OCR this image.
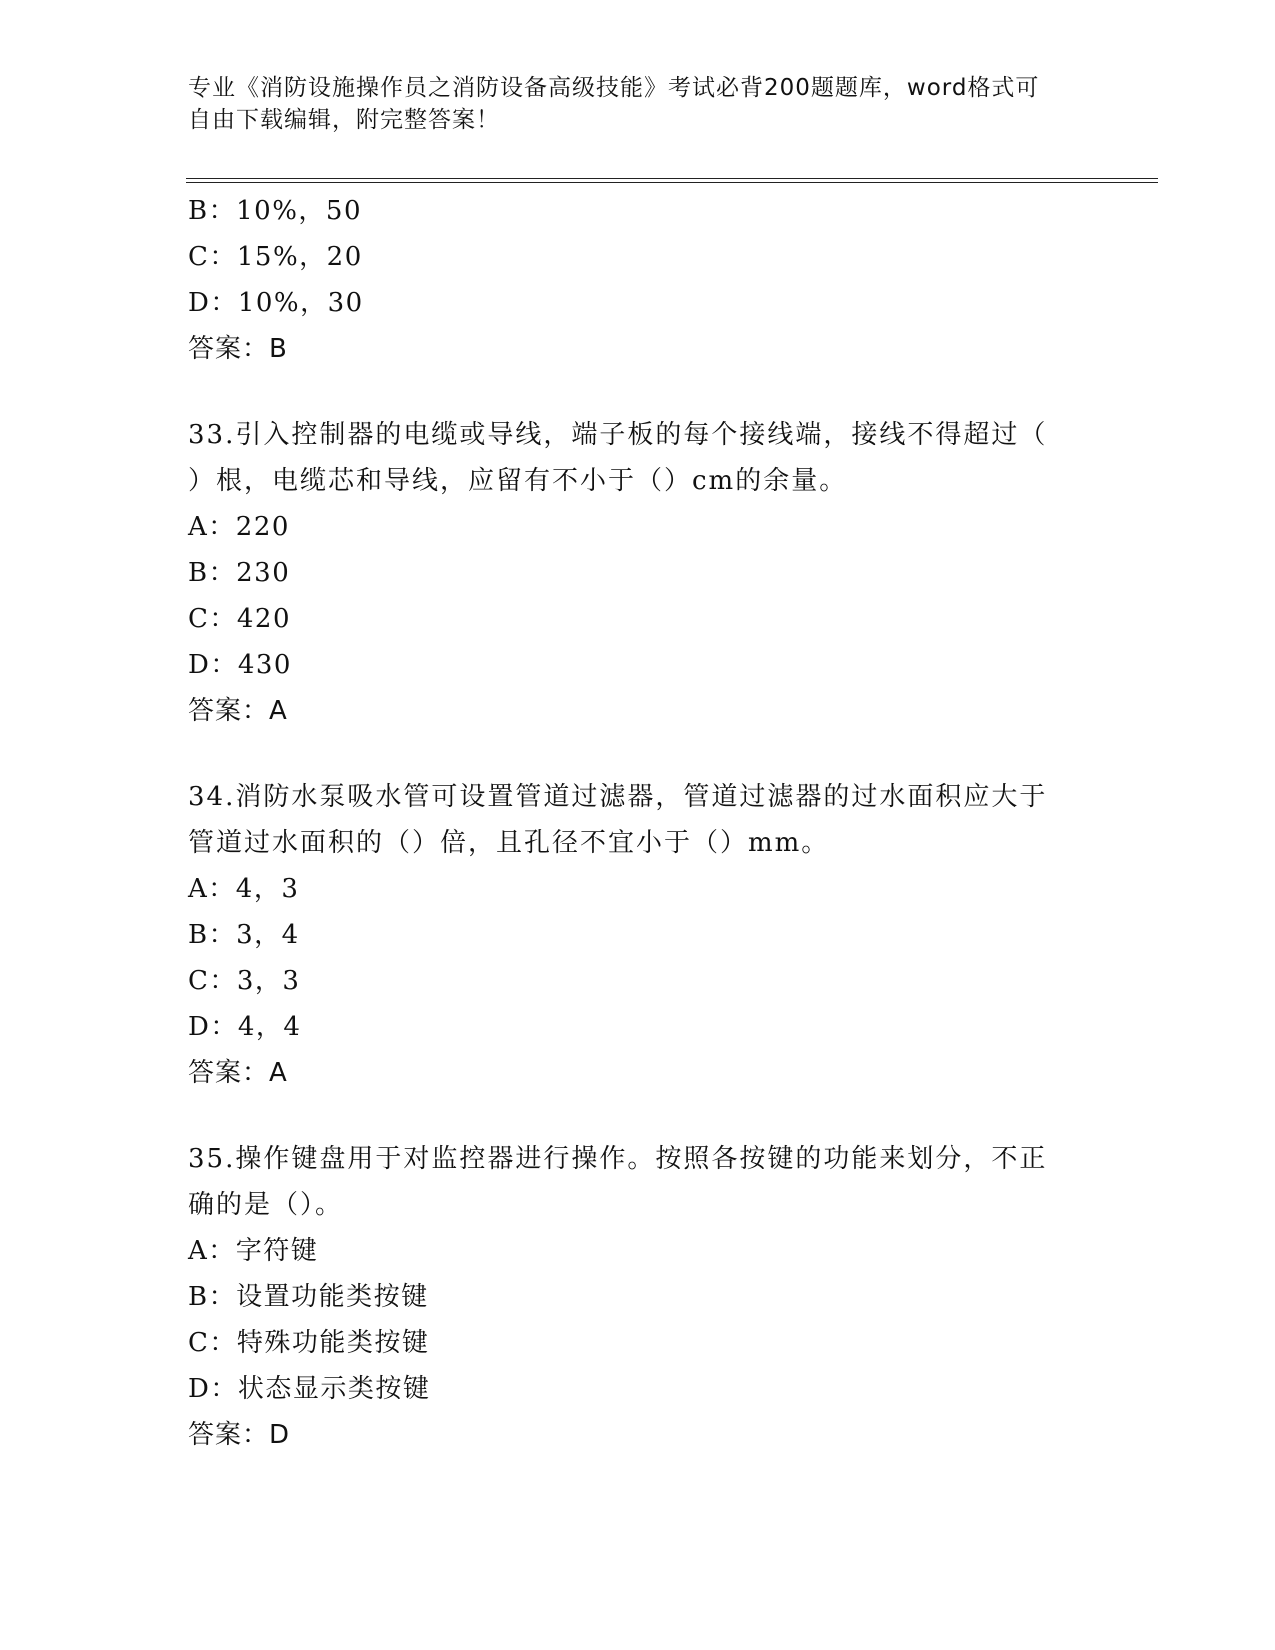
专业《消防设施操作员之消防设备高级技能》考试必背200题题库，word格式可
自由下载编辑，附完整答案！
B：10%，50
C：15%，20
D：10%，30
答案：B
33.引入控制器的电缆或导线，端子板的每个接线端，接线不得超过（
）根，电缆芯和导线，应留有不小于（）cm的余量。
A：220
B：230
C：420
D：430
答案：A
34.消防水泵吸水管可设置管道过滤器，管道过滤器的过水面积应大于
管道过水面积的（）倍，且孔径不宜小于（）mm。
A：4，3
B：3，4
C：3，3
D：4，4
答案：A
35.操作键盘用于对监控器进行操作。按照各按键的功能来划分，不正
确的是（）。
A：字符键
B：设置功能类按键
C：特殊功能类按键
D：状态显示类按键
答案：D
